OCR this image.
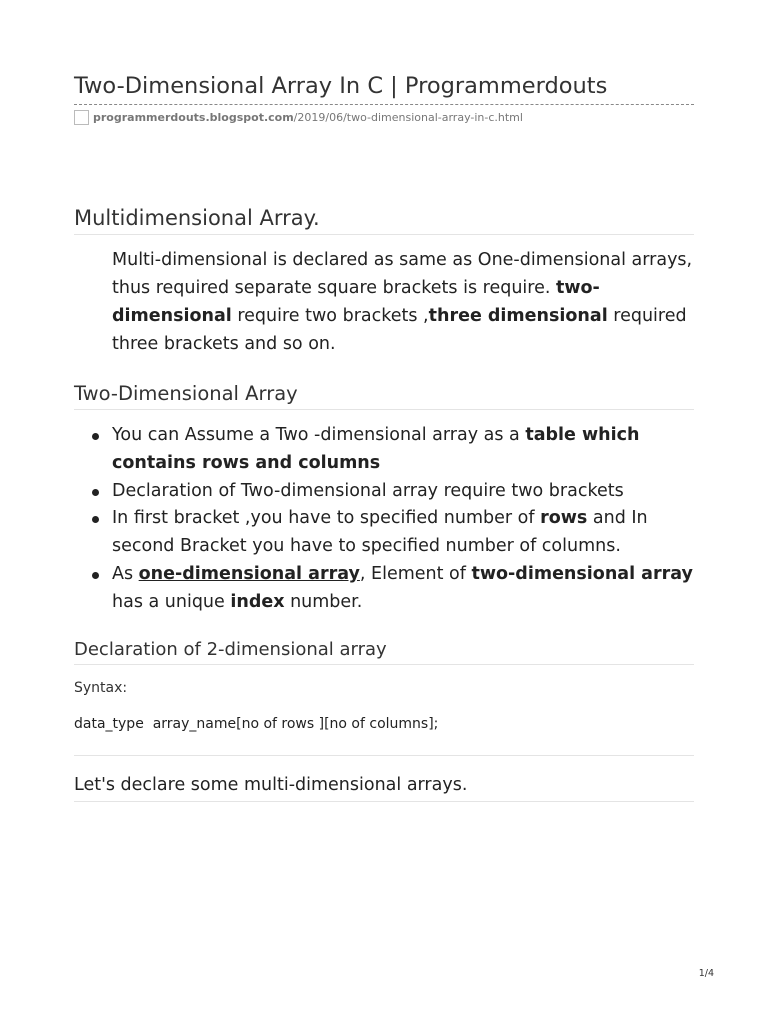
Two-Dimensional Array In C | Programmerdouts
programmerdouts.blogspot.com/2019/06/two-dimensional-array-in-c.html
Multidimensional Array.

Multi-dimensional is declared as same as One-dimensional arrays, thus required separate square brackets is require. two-dimensional require two brackets ,three dimensional required three brackets and so on.

Two-Dimensional Array
You can Assume a Two -dimensional array as a table which contains rows and columns
Declaration of Two-dimensional array require two brackets
In first bracket ,you have to specified number of rows and In second Bracket you have to specified number of columns.
As one-dimensional array, Element of two-dimensional array has a unique index number.
Declaration of 2-dimensional array
Syntax:
data_type  array_name[no of rows ][no of columns];
Let's declare some multi-dimensional arrays.
1/4
